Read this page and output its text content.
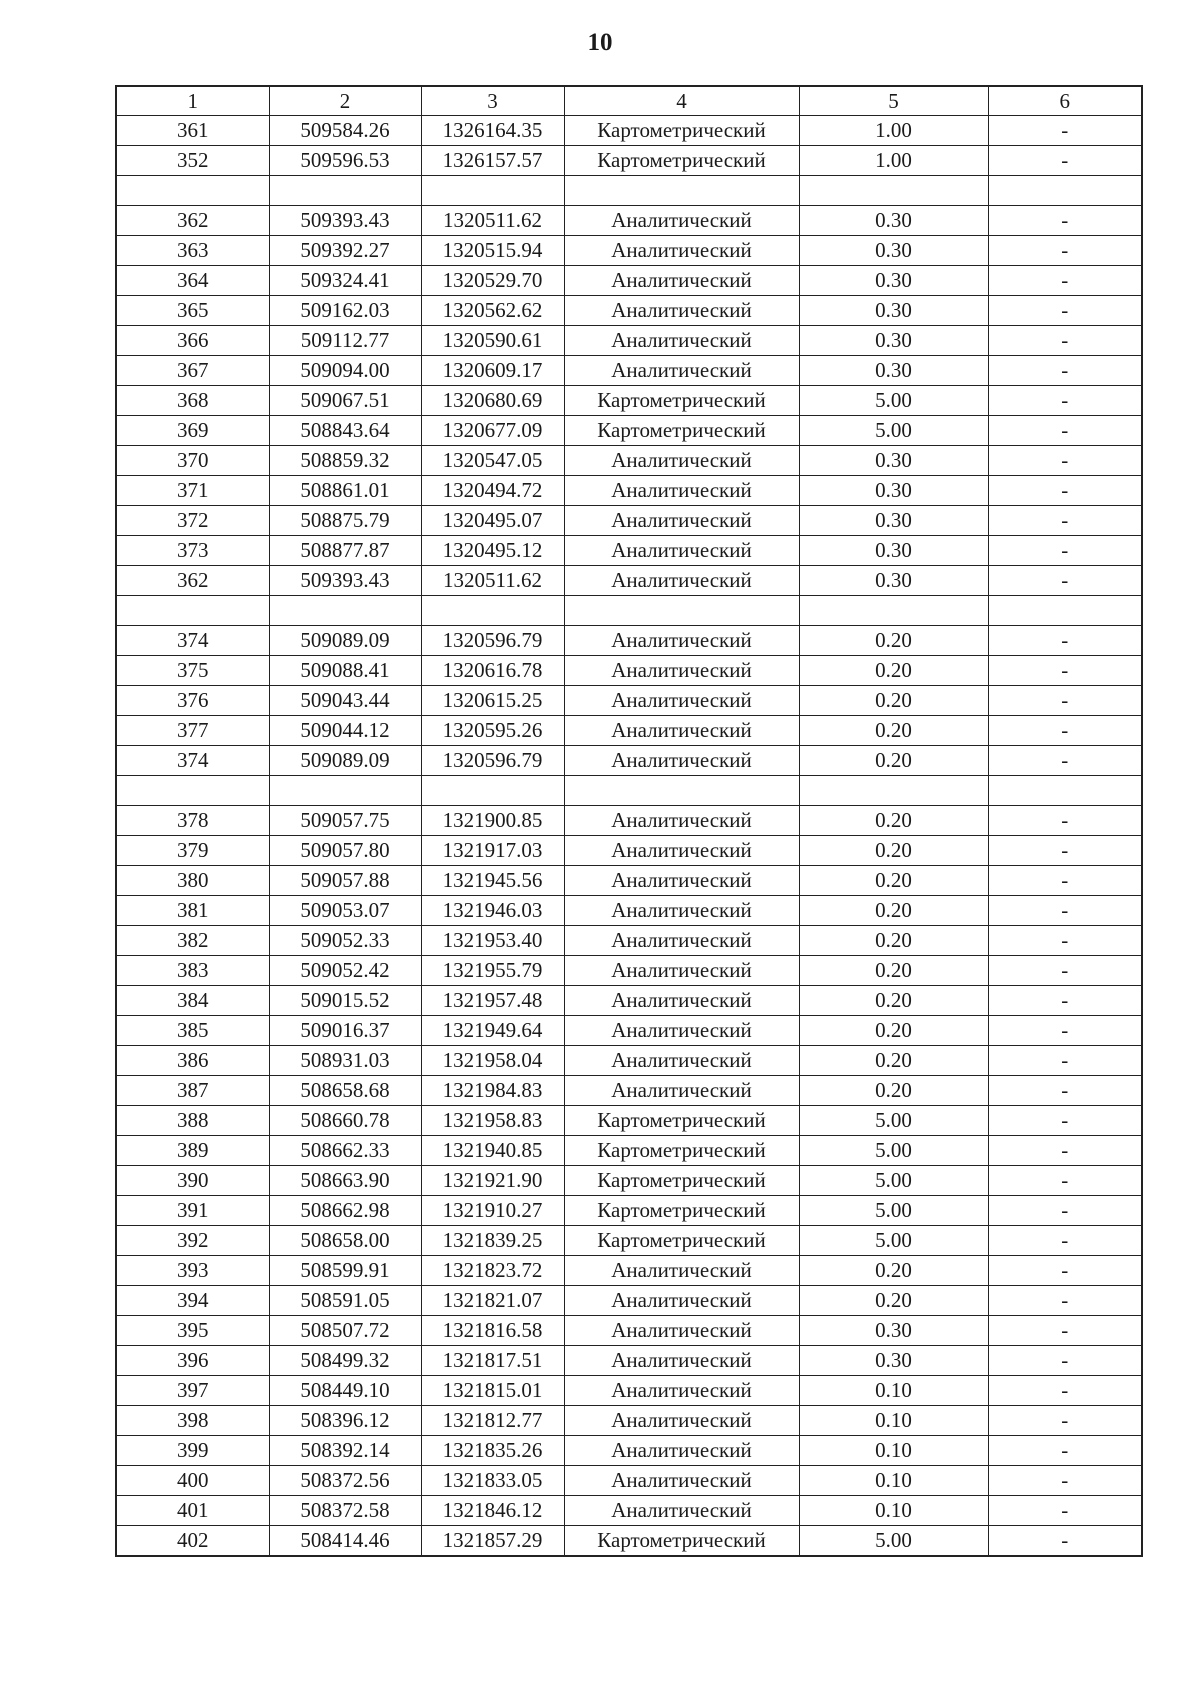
10
1	2	3	4	5	6
361	509584.26	1326164.35	Картометрический	1.00	-
352	509596.53	1326157.57	Картометрический	1.00	-

362	509393.43	1320511.62	Аналитический	0.30	-
363	509392.27	1320515.94	Аналитический	0.30	-
364	509324.41	1320529.70	Аналитический	0.30	-
365	509162.03	1320562.62	Аналитический	0.30	-
366	509112.77	1320590.61	Аналитический	0.30	-
367	509094.00	1320609.17	Аналитический	0.30	-
368	509067.51	1320680.69	Картометрический	5.00	-
369	508843.64	1320677.09	Картометрический	5.00	-
370	508859.32	1320547.05	Аналитический	0.30	-
371	508861.01	1320494.72	Аналитический	0.30	-
372	508875.79	1320495.07	Аналитический	0.30	-
373	508877.87	1320495.12	Аналитический	0.30	-
362	509393.43	1320511.62	Аналитический	0.30	-

374	509089.09	1320596.79	Аналитический	0.20	-
375	509088.41	1320616.78	Аналитический	0.20	-
376	509043.44	1320615.25	Аналитический	0.20	-
377	509044.12	1320595.26	Аналитический	0.20	-
374	509089.09	1320596.79	Аналитический	0.20	-

378	509057.75	1321900.85	Аналитический	0.20	-
379	509057.80	1321917.03	Аналитический	0.20	-
380	509057.88	1321945.56	Аналитический	0.20	-
381	509053.07	1321946.03	Аналитический	0.20	-
382	509052.33	1321953.40	Аналитический	0.20	-
383	509052.42	1321955.79	Аналитический	0.20	-
384	509015.52	1321957.48	Аналитический	0.20	-
385	509016.37	1321949.64	Аналитический	0.20	-
386	508931.03	1321958.04	Аналитический	0.20	-
387	508658.68	1321984.83	Аналитический	0.20	-
388	508660.78	1321958.83	Картометрический	5.00	-
389	508662.33	1321940.85	Картометрический	5.00	-
390	508663.90	1321921.90	Картометрический	5.00	-
391	508662.98	1321910.27	Картометрический	5.00	-
392	508658.00	1321839.25	Картометрический	5.00	-
393	508599.91	1321823.72	Аналитический	0.20	-
394	508591.05	1321821.07	Аналитический	0.20	-
395	508507.72	1321816.58	Аналитический	0.30	-
396	508499.32	1321817.51	Аналитический	0.30	-
397	508449.10	1321815.01	Аналитический	0.10	-
398	508396.12	1321812.77	Аналитический	0.10	-
399	508392.14	1321835.26	Аналитический	0.10	-
400	508372.56	1321833.05	Аналитический	0.10	-
401	508372.58	1321846.12	Аналитический	0.10	-
402	508414.46	1321857.29	Картометрический	5.00	-
